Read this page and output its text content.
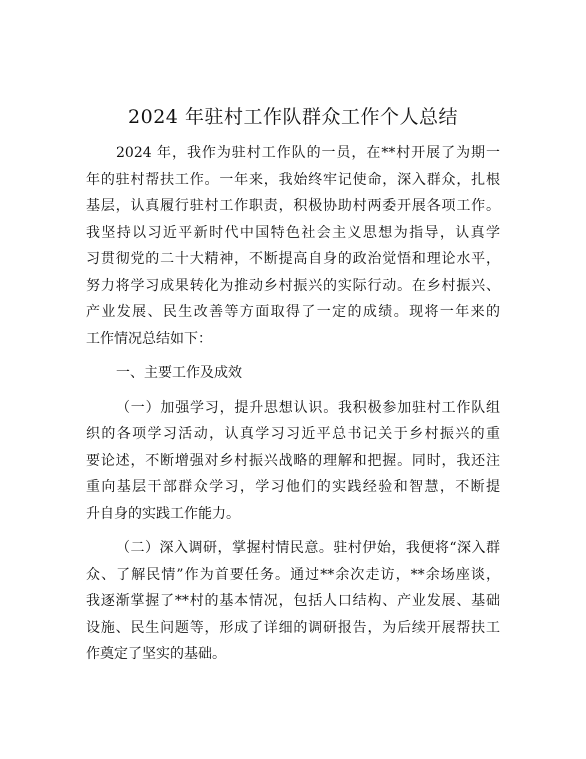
2024 年驻村工作队群众工作个人总结
2024 年，我作为驻村工作队的一员，在**村开展了为期一
年的驻村帮扶工作。一年来，我始终牢记使命，深入群众，扎根
基层，认真履行驻村工作职责，积极协助村两委开展各项工作。
我坚持以习近平新时代中国特色社会主义思想为指导，认真学
习贯彻党的二十大精神，不断提高自身的政治觉悟和理论水平，
努力将学习成果转化为推动乡村振兴的实际行动。在乡村振兴、
产业发展、民生改善等方面取得了一定的成绩。现将一年来的
工作情况总结如下：
一、主要工作及成效
（一）加强学习，提升思想认识。我积极参加驻村工作队组
织的各项学习活动，认真学习习近平总书记关于乡村振兴的重
要论述，不断增强对乡村振兴战略的理解和把握。同时，我还注
重向基层干部群众学习，学习他们的实践经验和智慧，不断提
升自身的实践工作能力。
（二）深入调研，掌握村情民意。驻村伊始，我便将“深入群
众、了解民情”作为首要任务。通过**余次走访，**余场座谈，
我逐渐掌握了**村的基本情况，包括人口结构、产业发展、基础
设施、民生问题等，形成了详细的调研报告，为后续开展帮扶工
作奠定了坚实的基础。
